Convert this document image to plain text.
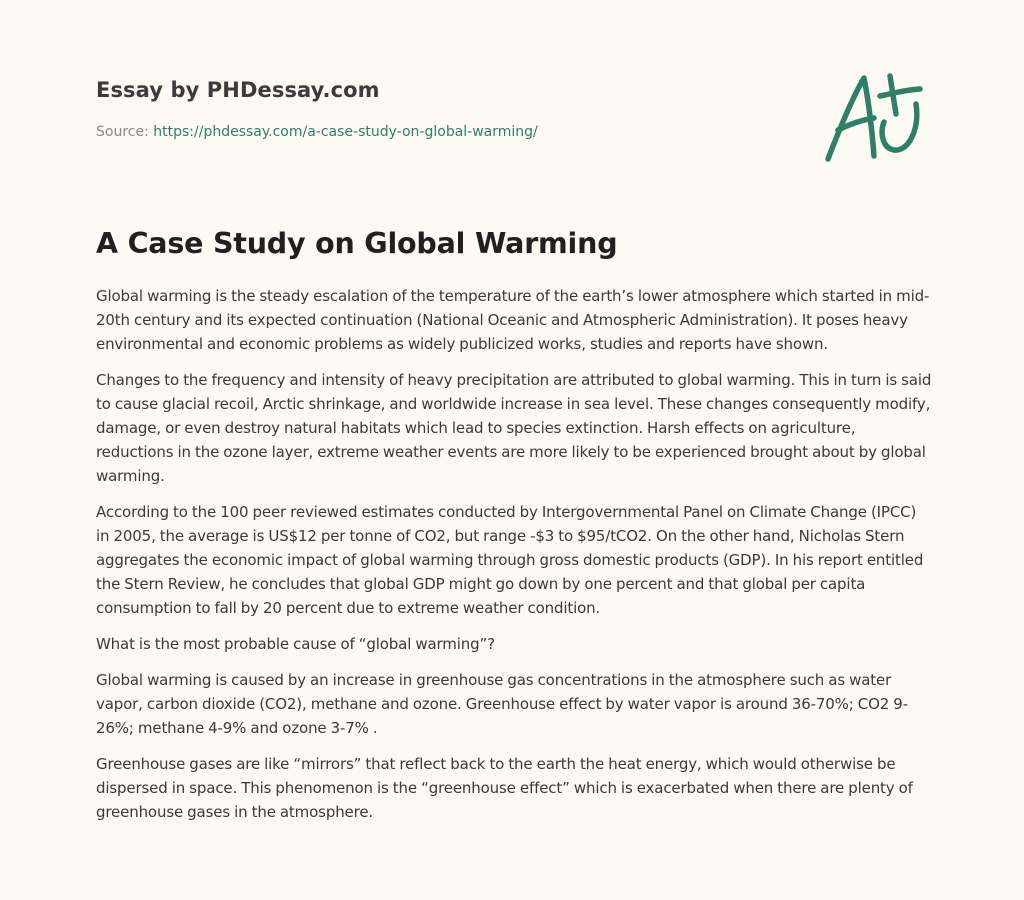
Essay by PHDessay.com
Source: https://phdessay.com/a-case-study-on-global-warming/
A Case Study on Global Warming

Global warming is the steady escalation of the temperature of the earth’s lower atmosphere which started in mid-20th century and its expected continuation (National Oceanic and Atmospheric Administration). It poses heavy environmental and economic problems as widely publicized works, studies and reports have shown.

Changes to the frequency and intensity of heavy precipitation are attributed to global warming. This in turn is said to cause glacial recoil, Arctic shrinkage, and worldwide increase in sea level. These changes consequently modify, damage, or even destroy natural habitats which lead to species extinction. Harsh effects on agriculture, reductions in the ozone layer, extreme weather events are more likely to be experienced brought about by global warming.

According to the 100 peer reviewed estimates conducted by Intergovernmental Panel on Climate Change (IPCC) in 2005, the average is US$12 per tonne of CO2, but range -$3 to $95/tCO2. On the other hand, Nicholas Stern aggregates the economic impact of global warming through gross domestic products (GDP). In his report entitled the Stern Review, he concludes that global GDP might go down by one percent and that global per capita consumption to fall by 20 percent due to extreme weather condition.

What is the most probable cause of “global warming”?

Global warming is caused by an increase in greenhouse gas concentrations in the atmosphere such as water vapor, carbon dioxide (CO2), methane and ozone. Greenhouse effect by water vapor is around 36-70%; CO2 9-26%; methane 4-9% and ozone 3-7% .

Greenhouse gases are like “mirrors” that reflect back to the earth the heat energy, which would otherwise be dispersed in space. This phenomenon is the “greenhouse effect” which is exacerbated when there are plenty of greenhouse gases in the atmosphere.
